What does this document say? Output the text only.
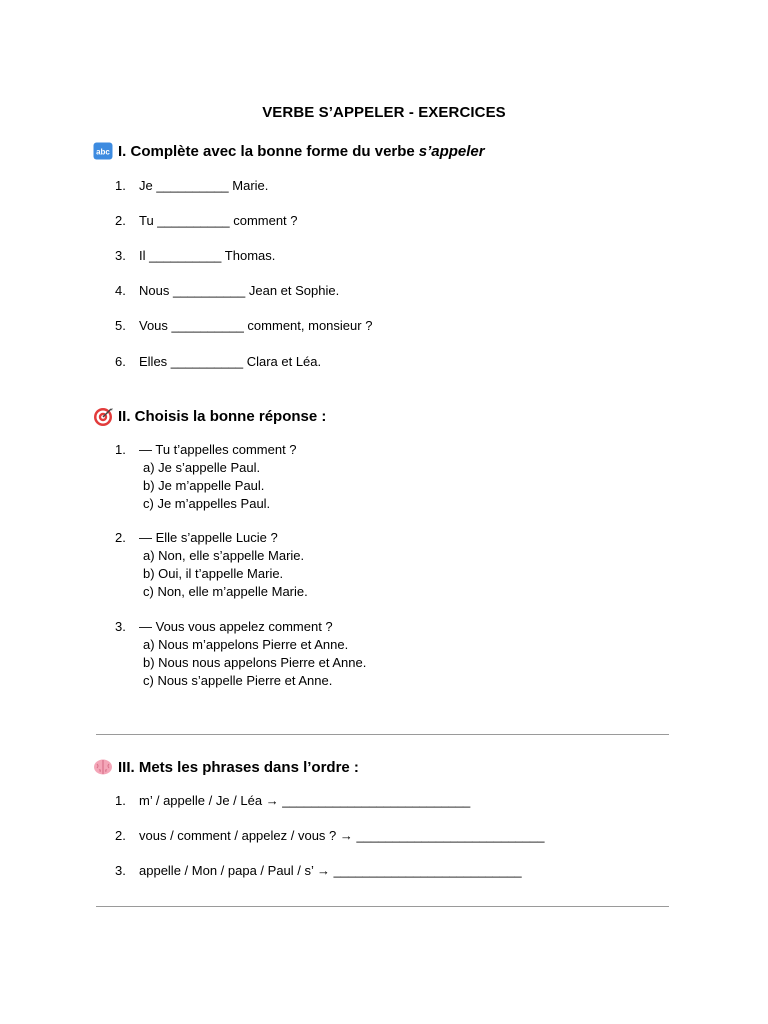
VERBE S’APPELER - EXERCICES
abc I. Complète avec la bonne forme du verbe s’appeler
1. Je __________ Marie.
2. Tu __________ comment ?
3. Il __________ Thomas.
4. Nous __________ Jean et Sophie.
5. Vous __________ comment, monsieur ?
6. Elles __________ Clara et Léa.
II. Choisis la bonne réponse :
1. — Tu t’appelles comment ?
a) Je s’appelle Paul.
b) Je m’appelle Paul.
c) Je m’appelles Paul.
2. — Elle s’appelle Lucie ?
a) Non, elle s’appelle Marie.
b) Oui, il t’appelle Marie.
c) Non, elle m’appelle Marie.
3. — Vous vous appelez comment ?
a) Nous m’appelons Pierre et Anne.
b) Nous nous appelons Pierre et Anne.
c) Nous s’appelle Pierre et Anne.
III. Mets les phrases dans l’ordre :
1. m’ / appelle / Je / Léa → __________________________
2. vous / comment / appelez / vous ? → __________________________
3. appelle / Mon / papa / Paul / s’ → __________________________
